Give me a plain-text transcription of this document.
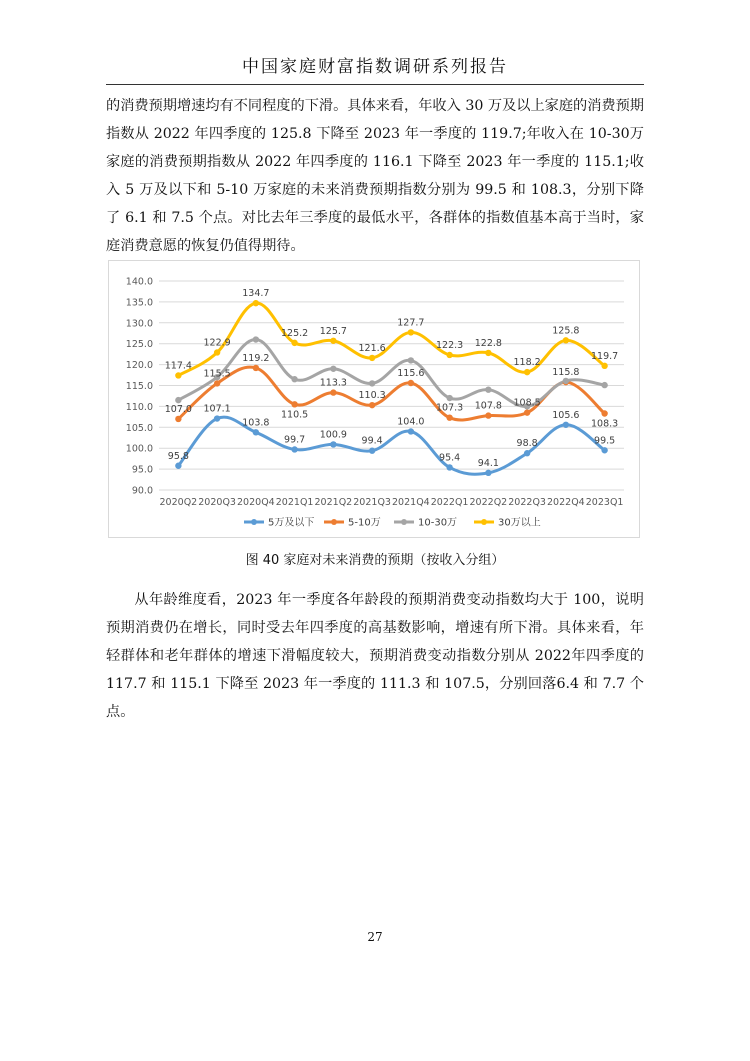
中国家庭财富指数调研系列报告

的消费预期增速均有不同程度的下滑。具体来看，年收入 30 万及以上家庭的消费预期指数从 2022 年四季度的 125.8 下降至 2023 年一季度的 119.7;年收入在 10-30万家庭的消费预期指数从 2022 年四季度的 116.1 下降至 2023 年一季度的 115.1;收入 5 万及以下和 5-10 万家庭的未来消费预期指数分别为 99.5 和 108.3，分别下降了 6.1 和 7.5 个点。对比去年三季度的最低水平，各群体的指数值基本高于当时，家庭消费意愿的恢复仍值得期待。

90.0
95.0
100.0
105.0
110.0
115.0
120.0
125.0
130.0
135.0
140.0
2020Q2 2020Q3 2020Q4 2021Q1 2021Q2 2021Q3 2021Q4 2022Q1 2022Q2 2022Q3 2022Q4 2023Q1
95.8
107.1
103.8
99.7 100.9
99.4
104.0
95.4 94.1
98.8
105.6
99.5
107.0
115.5
119.2
110.5
113.3
110.3
115.6
107.3 107.8 108.5
115.8
108.3
117.4
122.9
134.7
125.2 125.7
121.6
127.7
122.3 122.8
118.2
125.8
119.7
5万及以下	5-10万	10-30万	30万以上
图 40 家庭对未来消费的预期（按收入分组）

从年龄维度看，2023 年一季度各年龄段的预期消费变动指数均大于 100，说明预期消费仍在增长，同时受去年四季度的高基数影响，增速有所下滑。具体来看，年轻群体和老年群体的增速下滑幅度较大，预期消费变动指数分别从 2022年四季度的 117.7 和 115.1 下降至 2023 年一季度的 111.3 和 107.5，分别回落6.4 和 7.7 个点。

27
